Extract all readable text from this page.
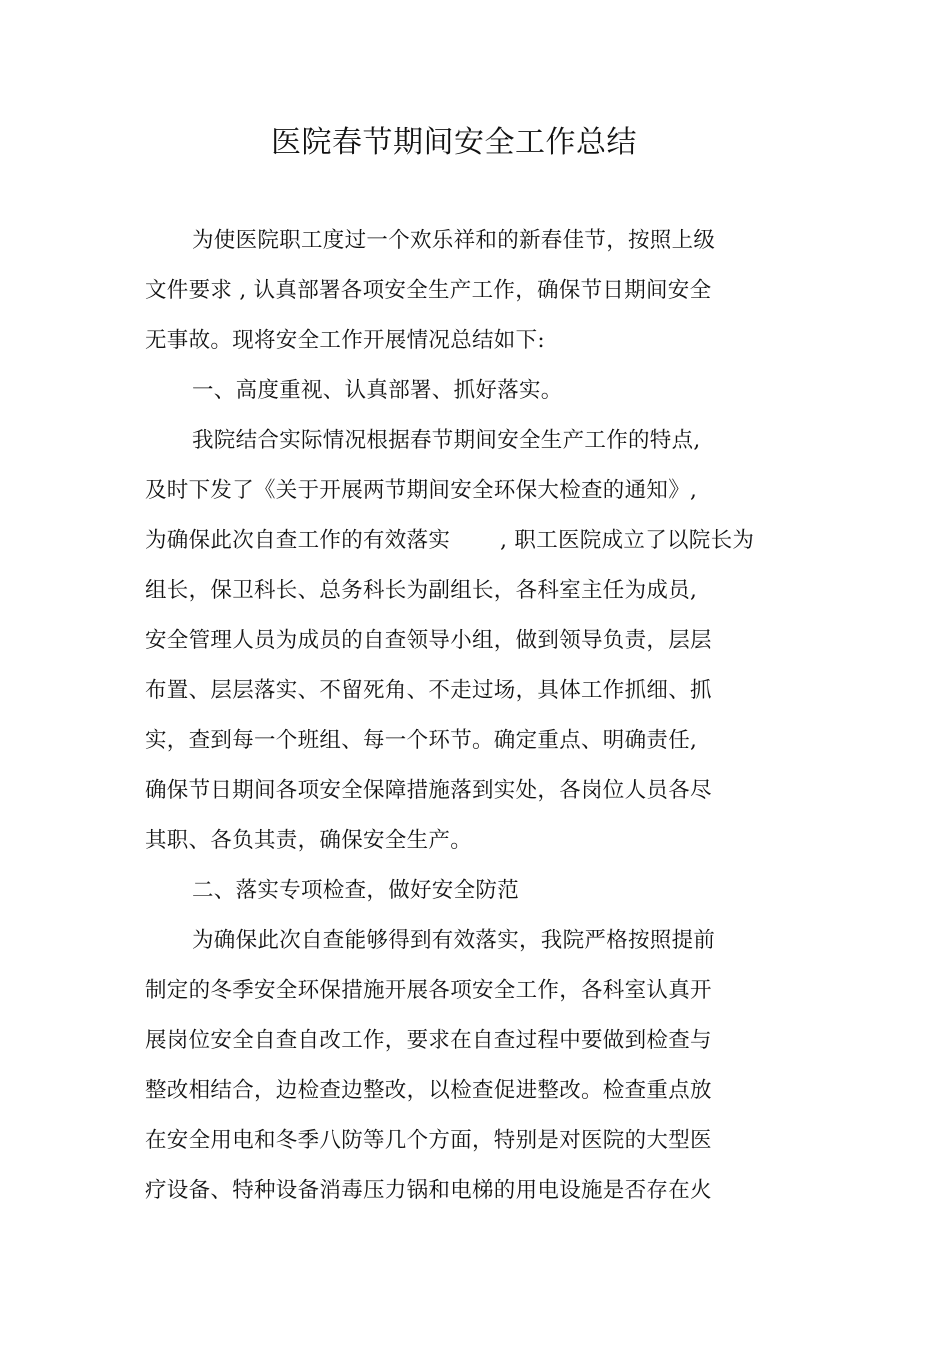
医院春节期间安全工作总结

为使医院职工度过一个欢乐祥和的新春佳节，按照上级

文件要求 , 认真部署各项安全生产工作，确保节日期间安全

无事故。现将安全工作开展情况总结如下:

一、高度重视、认真部署、抓好落实。

我院结合实际情况根据春节期间安全生产工作的特点,

及时下发了《关于开展两节期间安全环保大检查的通知》,

为确保此次自查工作的有效落实       , 职工医院成立了以院长为

组长，保卫科长、总务科长为副组长，各科室主任为成员,

安全管理人员为成员的自查领导小组，做到领导负责，层层

布置、层层落实、不留死角、不走过场，具体工作抓细、抓

实，查到每一个班组、每一个环节。确定重点、明确责任,

确保节日期间各项安全保障措施落到实处，各岗位人员各尽

其职、各负其责，确保安全生产。

二、落实专项检查，做好安全防范

为确保此次自查能够得到有效落实，我院严格按照提前

制定的冬季安全环保措施开展各项安全工作，各科室认真开

展岗位安全自查自改工作，要求在自查过程中要做到检查与

整改相结合，边检查边整改，以检查促进整改。检查重点放

在安全用电和冬季八防等几个方面，特别是对医院的大型医

疗设备、特种设备消毒压力锅和电梯的用电设施是否存在火
